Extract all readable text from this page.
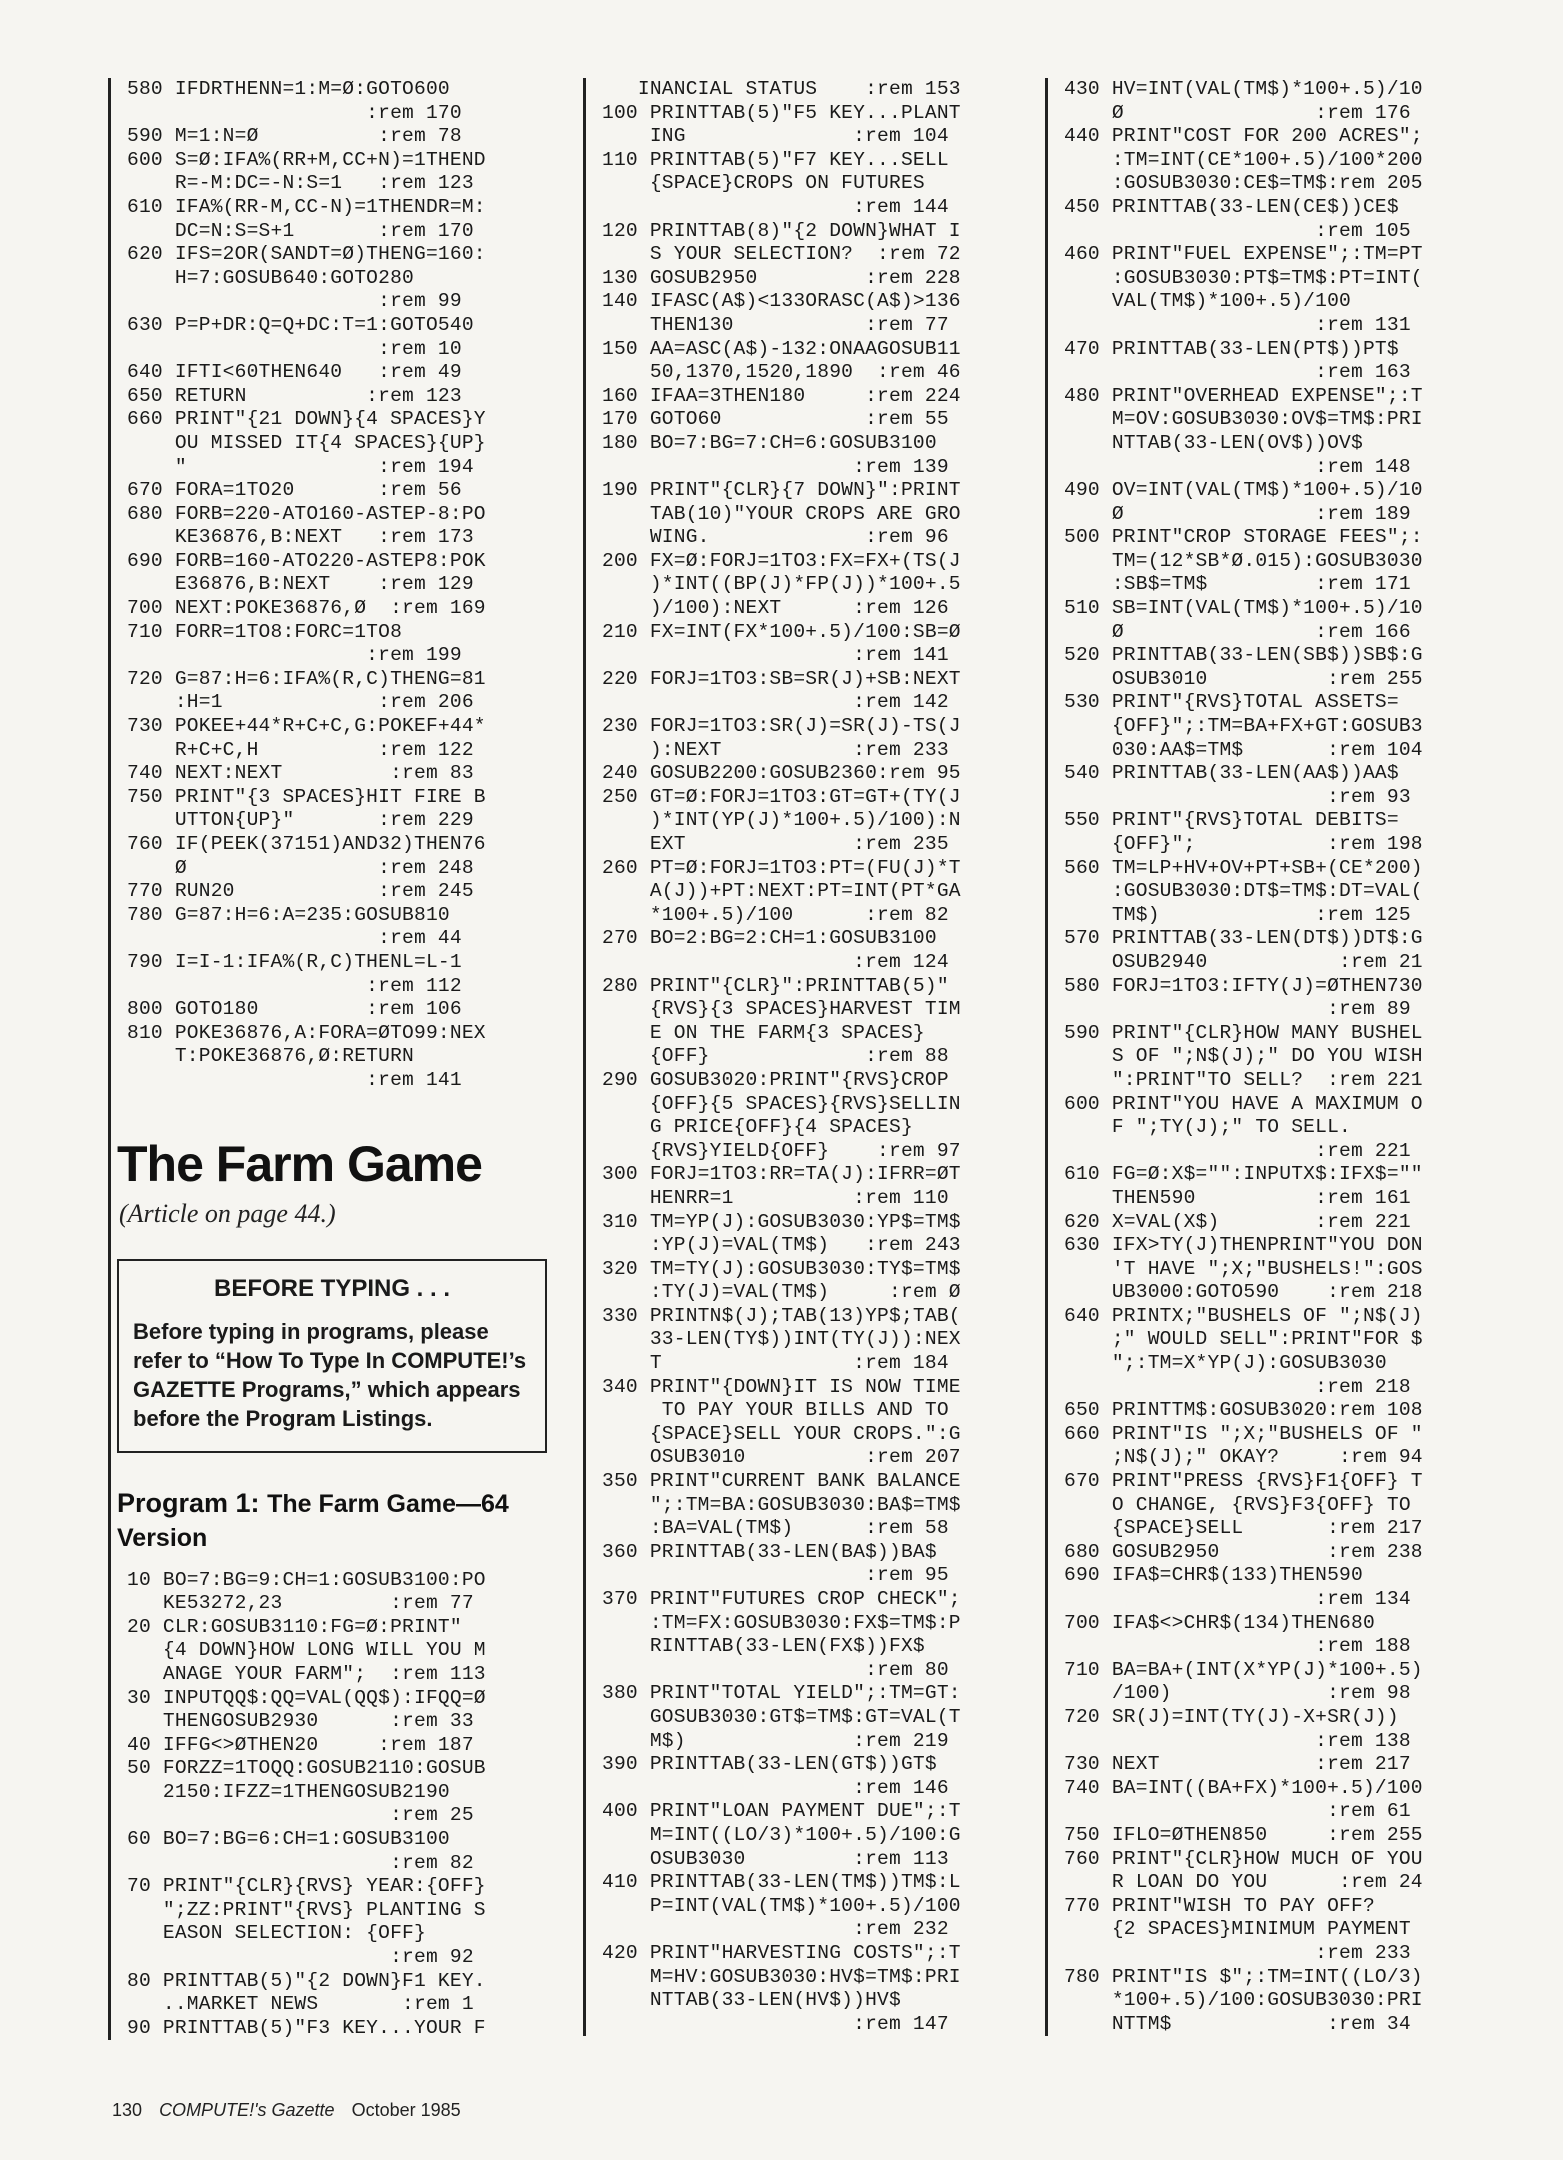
580 IFDRTHENN=1:M=Ø:GOTO600
:rem 170
590 M=1:N=Ø          :rem 78
600 S=Ø:IFA%(RR+M,CC+N)=1THEND
R=-M:DC=-N:S=1   :rem 123
610 IFA%(RR-M,CC-N)=1THENDR=M:
DC=N:S=S+1       :rem 170
620 IFS=2OR(SANDT=Ø)THENG=160:
H=7:GOSUB640:GOTO280
:rem 99
630 P=P+DR:Q=Q+DC:T=1:GOTO540
:rem 10
640 IFTI<60THEN640   :rem 49
650 RETURN          :rem 123
660 PRINT"{21 DOWN}{4 SPACES}Y
OU MISSED IT{4 SPACES}{UP}
"                :rem 194
670 FORA=1TO20       :rem 56
680 FORB=220-ATO160-ASTEP-8:PO
KE36876,B:NEXT   :rem 173
690 FORB=160-ATO220-ASTEP8:POK
E36876,B:NEXT    :rem 129
700 NEXT:POKE36876,Ø  :rem 169
710 FORR=1TO8:FORC=1TO8
:rem 199
720 G=87:H=6:IFA%(R,C)THENG=81
:H=1             :rem 206
730 POKEE+44*R+C+C,G:POKEF+44*
R+C+C,H          :rem 122
740 NEXT:NEXT         :rem 83
750 PRINT"{3 SPACES}HIT FIRE B
UTTON{UP}"       :rem 229
760 IF(PEEK(37151)AND32)THEN76
Ø                :rem 248
770 RUN20            :rem 245
780 G=87:H=6:A=235:GOSUB810
:rem 44
790 I=I-1:IFA%(R,C)THENL=L-1
:rem 112
800 GOTO180         :rem 106
810 POKE36876,A:FORA=ØTO99:NEX
T:POKE36876,Ø:RETURN
:rem 141
The Farm Game
(Article on page 44.)
BEFORE TYPING . . .
Before typing in programs, please refer to “How To Type In COMPUTE!’s GAZETTE Programs,” which appears before the Program Listings.
Program 1: The Farm Game—64 Version
10 BO=7:BG=9:CH=1:GOSUB3100:PO
KE53272,23         :rem 77
20 CLR:GOSUB3110:FG=Ø:PRINT"
{4 DOWN}HOW LONG WILL YOU M
ANAGE YOUR FARM";  :rem 113
30 INPUTQQ$:QQ=VAL(QQ$):IFQQ=Ø
THENGOSUB2930      :rem 33
40 IFFG<>ØTHEN20     :rem 187
50 FORZZ=1TOQQ:GOSUB2110:GOSUB
2150:IFZZ=1THENGOSUB2190
:rem 25
60 BO=7:BG=6:CH=1:GOSUB3100
:rem 82
70 PRINT"{CLR}{RVS} YEAR:{OFF}
";ZZ:PRINT"{RVS} PLANTING S
EASON SELECTION: {OFF}
:rem 92
80 PRINTTAB(5)"{2 DOWN}F1 KEY.
..MARKET NEWS       :rem 1
90 PRINTTAB(5)"F3 KEY...YOUR F
INANCIAL STATUS    :rem 153
100 PRINTTAB(5)"F5 KEY...PLANT
ING              :rem 104
110 PRINTTAB(5)"F7 KEY...SELL
{SPACE}CROPS ON FUTURES
:rem 144
120 PRINTTAB(8)"{2 DOWN}WHAT I
S YOUR SELECTION?  :rem 72
130 GOSUB2950         :rem 228
140 IFASC(A$)<133ORASC(A$)>136
THEN130           :rem 77
150 AA=ASC(A$)-132:ONAAGOSUB11
50,1370,1520,1890  :rem 46
160 IFAA=3THEN180     :rem 224
170 GOTO60            :rem 55
180 BO=7:BG=7:CH=6:GOSUB3100
:rem 139
190 PRINT"{CLR}{7 DOWN}":PRINT
TAB(10)"YOUR CROPS ARE GRO
WING.             :rem 96
200 FX=Ø:FORJ=1TO3:FX=FX+(TS(J
)*INT((BP(J)*FP(J))*100+.5
)/100):NEXT      :rem 126
210 FX=INT(FX*100+.5)/100:SB=Ø
:rem 141
220 FORJ=1TO3:SB=SR(J)+SB:NEXT
:rem 142
230 FORJ=1TO3:SR(J)=SR(J)-TS(J
):NEXT           :rem 233
240 GOSUB2200:GOSUB2360:rem 95
250 GT=Ø:FORJ=1TO3:GT=GT+(TY(J
)*INT(YP(J)*100+.5)/100):N
EXT              :rem 235
260 PT=Ø:FORJ=1TO3:PT=(FU(J)*T
A(J))+PT:NEXT:PT=INT(PT*GA
*100+.5)/100      :rem 82
270 BO=2:BG=2:CH=1:GOSUB3100
:rem 124
280 PRINT"{CLR}":PRINTTAB(5)"
{RVS}{3 SPACES}HARVEST TIM
E ON THE FARM{3 SPACES}
{OFF}             :rem 88
290 GOSUB3020:PRINT"{RVS}CROP
{OFF}{5 SPACES}{RVS}SELLIN
G PRICE{OFF}{4 SPACES}
{RVS}YIELD{OFF}    :rem 97
300 FORJ=1TO3:RR=TA(J):IFRR=ØT
HENRR=1          :rem 110
310 TM=YP(J):GOSUB3030:YP$=TM$
:YP(J)=VAL(TM$)   :rem 243
320 TM=TY(J):GOSUB3030:TY$=TM$
:TY(J)=VAL(TM$)     :rem Ø
330 PRINTN$(J);TAB(13)YP$;TAB(
33-LEN(TY$))INT(TY(J)):NEX
T                :rem 184
340 PRINT"{DOWN}IT IS NOW TIME
TO PAY YOUR BILLS AND TO
{SPACE}SELL YOUR CROPS.":G
OSUB3010          :rem 207
350 PRINT"CURRENT BANK BALANCE
";:TM=BA:GOSUB3030:BA$=TM$
:BA=VAL(TM$)      :rem 58
360 PRINTTAB(33-LEN(BA$))BA$
:rem 95
370 PRINT"FUTURES CROP CHECK";
:TM=FX:GOSUB3030:FX$=TM$:P
RINTTAB(33-LEN(FX$))FX$
:rem 80
380 PRINT"TOTAL YIELD";:TM=GT:
GOSUB3030:GT$=TM$:GT=VAL(T
M$)              :rem 219
390 PRINTTAB(33-LEN(GT$))GT$
:rem 146
400 PRINT"LOAN PAYMENT DUE";:T
M=INT((LO/3)*100+.5)/100:G
OSUB3030         :rem 113
410 PRINTTAB(33-LEN(TM$))TM$:L
P=INT(VAL(TM$)*100+.5)/100
:rem 232
420 PRINT"HARVESTING COSTS";:T
M=HV:GOSUB3030:HV$=TM$:PRI
NTTAB(33-LEN(HV$))HV$
:rem 147
430 HV=INT(VAL(TM$)*100+.5)/10
Ø                :rem 176
440 PRINT"COST FOR 200 ACRES";
:TM=INT(CE*100+.5)/100*200
:GOSUB3030:CE$=TM$:rem 205
450 PRINTTAB(33-LEN(CE$))CE$
:rem 105
460 PRINT"FUEL EXPENSE";:TM=PT
:GOSUB3030:PT$=TM$:PT=INT(
VAL(TM$)*100+.5)/100
:rem 131
470 PRINTTAB(33-LEN(PT$))PT$
:rem 163
480 PRINT"OVERHEAD EXPENSE";:T
M=OV:GOSUB3030:OV$=TM$:PRI
NTTAB(33-LEN(OV$))OV$
:rem 148
490 OV=INT(VAL(TM$)*100+.5)/10
Ø                :rem 189
500 PRINT"CROP STORAGE FEES";:
TM=(12*SB*Ø.015):GOSUB3030
:SB$=TM$         :rem 171
510 SB=INT(VAL(TM$)*100+.5)/10
Ø                :rem 166
520 PRINTTAB(33-LEN(SB$))SB$:G
OSUB3010          :rem 255
530 PRINT"{RVS}TOTAL ASSETS=
{OFF}";:TM=BA+FX+GT:GOSUB3
030:AA$=TM$       :rem 104
540 PRINTTAB(33-LEN(AA$))AA$
:rem 93
550 PRINT"{RVS}TOTAL DEBITS=
{OFF}";           :rem 198
560 TM=LP+HV+OV+PT+SB+(CE*200)
:GOSUB3030:DT$=TM$:DT=VAL(
TM$)             :rem 125
570 PRINTTAB(33-LEN(DT$))DT$:G
OSUB2940           :rem 21
580 FORJ=1TO3:IFTY(J)=ØTHEN730
:rem 89
590 PRINT"{CLR}HOW MANY BUSHEL
S OF ";N$(J);" DO YOU WISH
":PRINT"TO SELL?  :rem 221
600 PRINT"YOU HAVE A MAXIMUM O
F ";TY(J);" TO SELL.
:rem 221
610 FG=Ø:X$="":INPUTX$:IFX$=""
THEN590          :rem 161
620 X=VAL(X$)        :rem 221
630 IFX>TY(J)THENPRINT"YOU DON
'T HAVE ";X;"BUSHELS!":GOS
UB3000:GOTO590    :rem 218
640 PRINTX;"BUSHELS OF ";N$(J)
;" WOULD SELL":PRINT"FOR $
";:TM=X*YP(J):GOSUB3030
:rem 218
650 PRINTTM$:GOSUB3020:rem 108
660 PRINT"IS ";X;"BUSHELS OF "
;N$(J);" OKAY?     :rem 94
670 PRINT"PRESS {RVS}F1{OFF} T
O CHANGE, {RVS}F3{OFF} TO
{SPACE}SELL       :rem 217
680 GOSUB2950         :rem 238
690 IFA$=CHR$(133)THEN590
:rem 134
700 IFA$<>CHR$(134)THEN680
:rem 188
710 BA=BA+(INT(X*YP(J)*100+.5)
/100)             :rem 98
720 SR(J)=INT(TY(J)-X+SR(J))
:rem 138
730 NEXT             :rem 217
740 BA=INT((BA+FX)*100+.5)/100
:rem 61
750 IFLO=ØTHEN850     :rem 255
760 PRINT"{CLR}HOW MUCH OF YOU
R LOAN DO YOU      :rem 24
770 PRINT"WISH TO PAY OFF?
{2 SPACES}MINIMUM PAYMENT
:rem 233
780 PRINT"IS $";:TM=INT((LO/3)
*100+.5)/100:GOSUB3030:PRI
NTTM$             :rem 34
130 COMPUTE!'s Gazette October 1985
